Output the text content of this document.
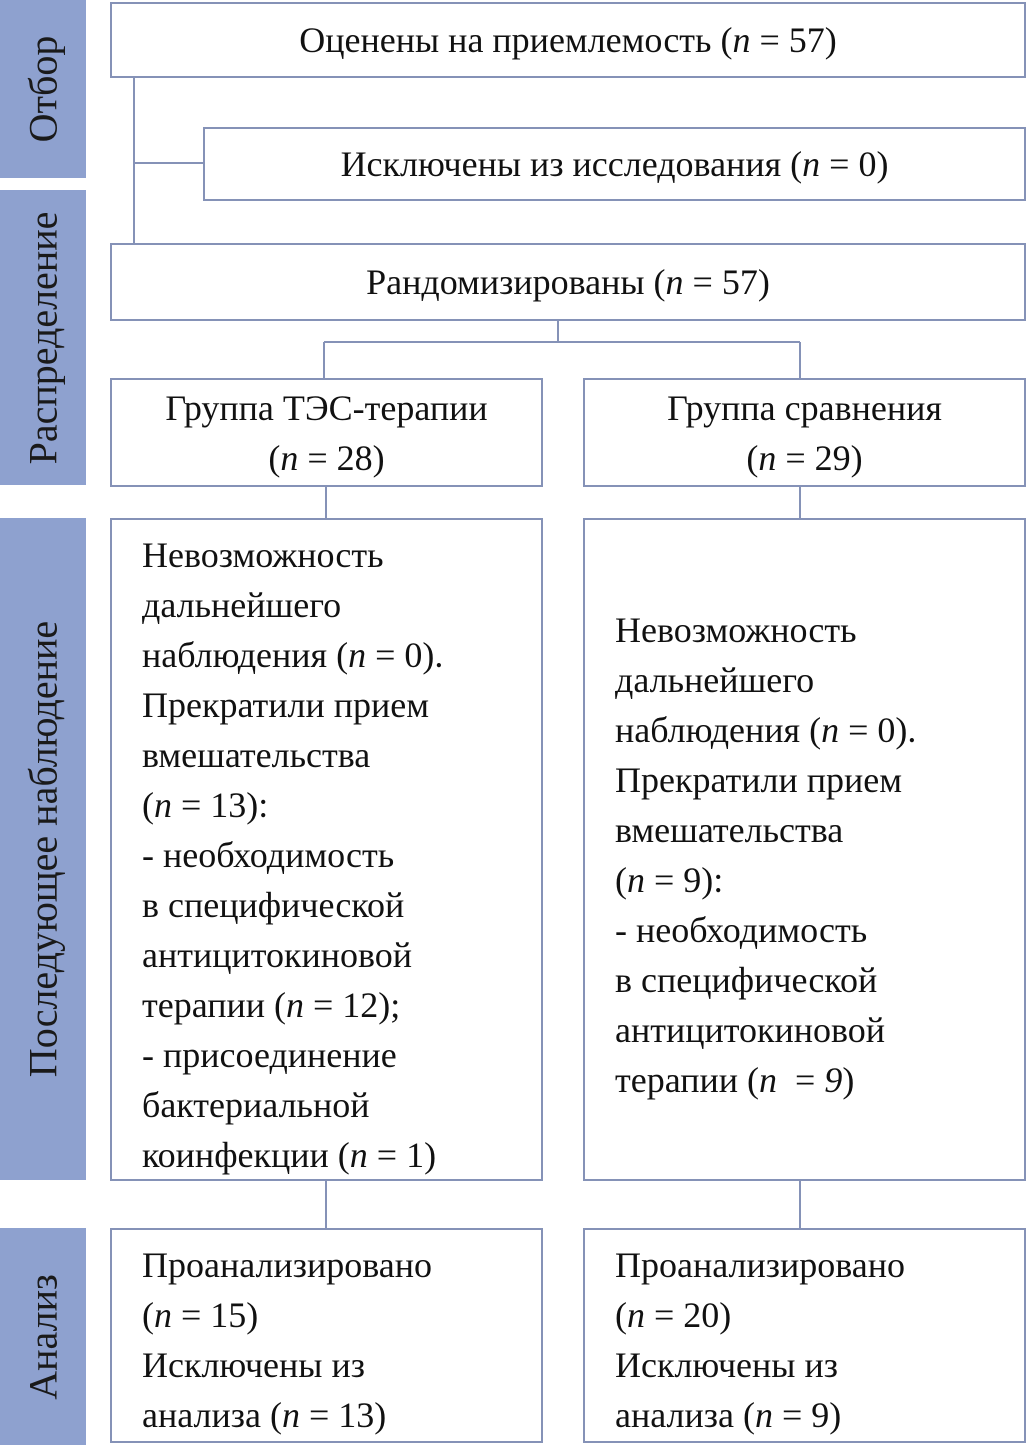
Отбор
Распределение
Последующее наблюдение
Анализ
Оценены на приемлемость (n = 57)
Исключены из исследования (n = 0)
Рандомизированы (n = 57)
Группа ТЭС-терапии
(n = 28)
Группа сравнения
(n = 29)
Невозможность
дальнейшего
наблюдения (n = 0).
Прекратили прием
вмешательства
(n = 13):
- необходимость
в специфической
антицитокиновой
терапии (n = 12);
- присоединение
бактериальной
коинфекции (n = 1)
Невозможность
дальнейшего
наблюдения (n = 0).
Прекратили прием
вмешательства
(n = 9):
- необходимость
в специфической
антицитокиновой
терапии (n  = 9)
Проанализировано
(n = 15)
Исключены из
анализа (n = 13)
Проанализировано
(n = 20)
Исключены из
анализа (n = 9)
